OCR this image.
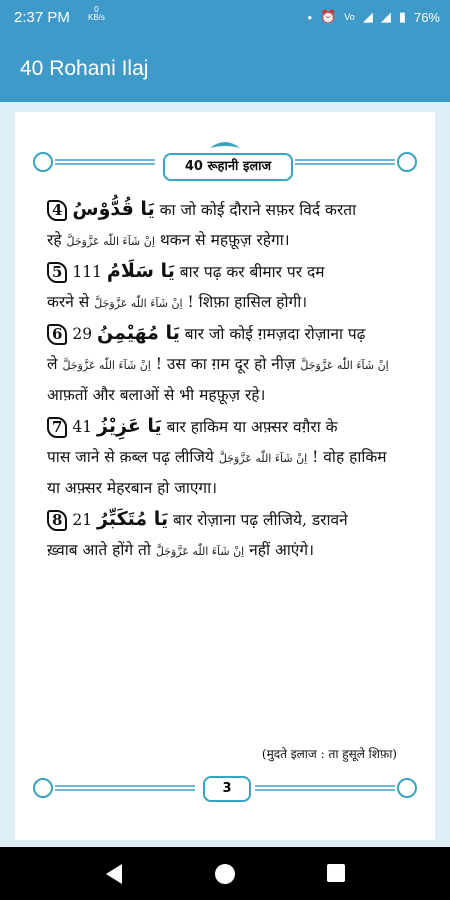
2:37 PM	0
KB/s	• ⏰ Vo ◢ ◢ ▮ 76%
40 Rohani Ilaj
40 रूहानी इलाज
4 يَا قُدُّوْسُ का जो कोई दौराने सफ़र विर्द करता
रहे اِنْ شَآءَ اللّٰه عَزَّوَجَلَّ थकन से महफ़ूज़ रहेगा।
5 يَا سَلَامُ 111 बार पढ़ कर बीमार पर दम
करने से اِنْ شَآءَ اللّٰه عَزَّوَجَلَّ ! शिफ़ा हासिल होगी।
6 يَا مُهَيْمِنُ 29 बार जो कोई ग़मज़दा रोज़ाना पढ़
ले اِنْ شَآءَ اللّٰه عَزَّوَجَلَّ ! उस का ग़म दूर हो नीज़ اِنْ شَآءَ اللّٰه عَزَّوَجَلَّ
आफ़तों और बलाओं से भी महफ़ूज़ रहे।
7 يَا عَزِيْزُ 41 बार हाकिम या अफ़्सर वग़ैरा के
पास जाने से क़ब्ल पढ़ लीजिये اِنْ شَآءَ اللّٰه عَزَّوَجَلَّ ! वोह हाकिम
या अफ़्सर मेहरबान हो जाएगा।
8 يَا مُتَكَبِّرُ 21 बार रोज़ाना पढ़ लीजिये, डरावने
ख़्वाब आते होंगे तो اِنْ شَآءَ اللّٰه عَزَّوَجَلَّ नहीं आएंगे।
(मुदते इलाज : ता हुसूले शिफ़ा)
3
